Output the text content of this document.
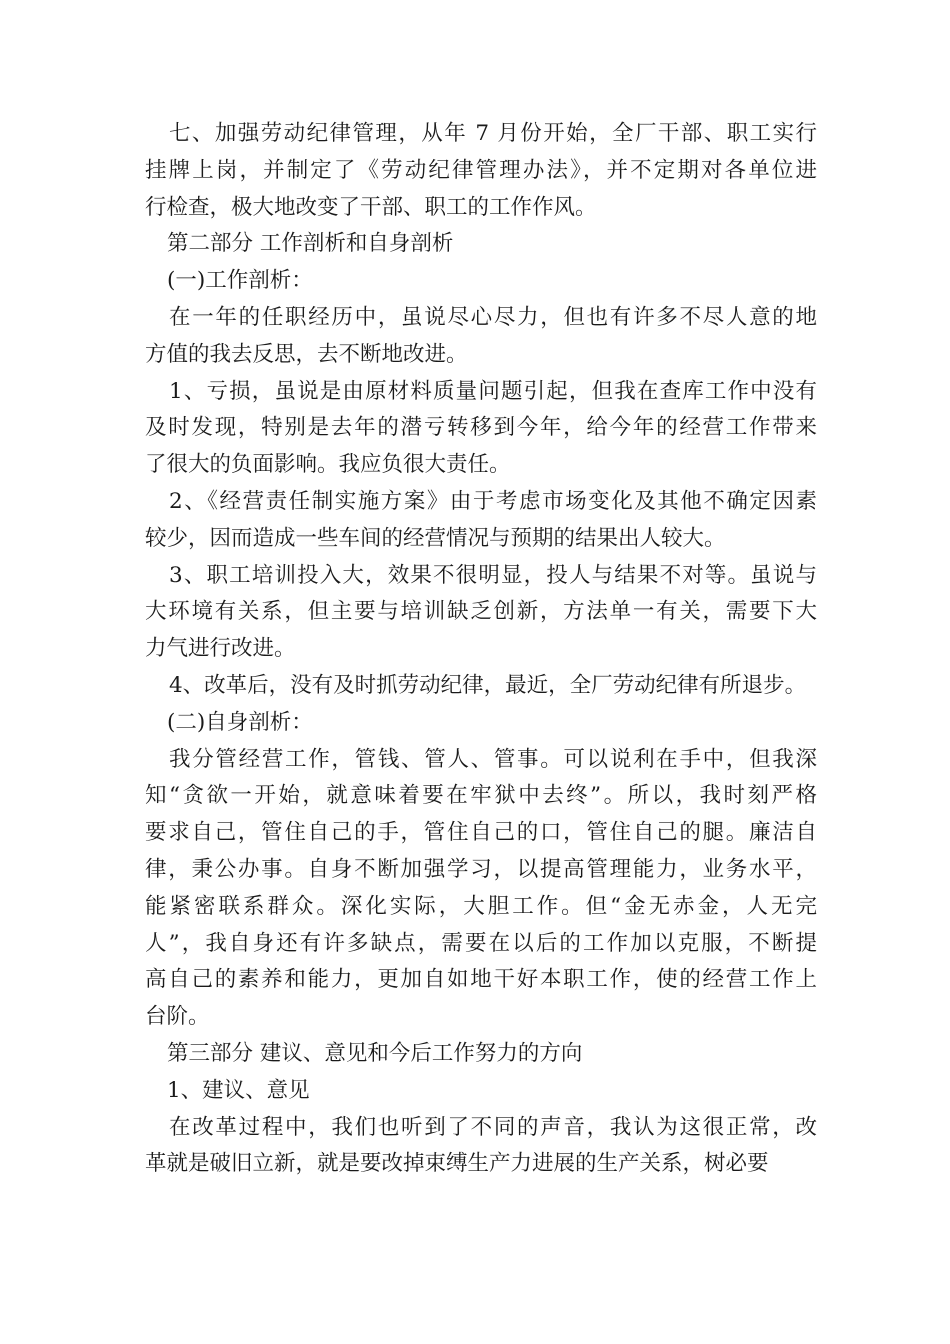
七、加强劳动纪律管理，从年 7 月份开始，全厂干部、职工实行
挂牌上岗，并制定了《劳动纪律管理办法》，并不定期对各单位进
行检查，极大地改变了干部、职工的工作作风。
第二部分 工作剖析和自身剖析
(一)工作剖析：
在一年的任职经历中，虽说尽心尽力，但也有许多不尽人意的地
方值的我去反思，去不断地改进。
1、亏损，虽说是由原材料质量问题引起，但我在查库工作中没有
及时发现，特别是去年的潜亏转移到今年，给今年的经营工作带来
了很大的负面影响。我应负很大责任。
2、《经营责任制实施方案》由于考虑市场变化及其他不确定因素
较少，因而造成一些车间的经营情况与预期的结果出人较大。
3、职工培训投入大，效果不很明显，投人与结果不对等。虽说与
大环境有关系，但主要与培训缺乏创新，方法单一有关，需要下大
力气进行改进。
4、改革后，没有及时抓劳动纪律，最近，全厂劳动纪律有所退步。
(二)自身剖析：
我分管经营工作，管钱、管人、管事。可以说利在手中，但我深
知“贪欲一开始，就意味着要在牢狱中去终”。所以，我时刻严格
要求自己，管住自己的手，管住自己的口，管住自己的腿。廉洁自
律，秉公办事。自身不断加强学习，以提高管理能力，业务水平，
能紧密联系群众。深化实际，大胆工作。但“金无赤金，人无完
人”，我自身还有许多缺点，需要在以后的工作加以克服，不断提
高自己的素养和能力，更加自如地干好本职工作，使的经营工作上
台阶。
第三部分 建议、意见和今后工作努力的方向
1、建议、意见
在改革过程中，我们也听到了不同的声音，我认为这很正常，改
革就是破旧立新，就是要改掉束缚生产力进展的生产关系，树必要
